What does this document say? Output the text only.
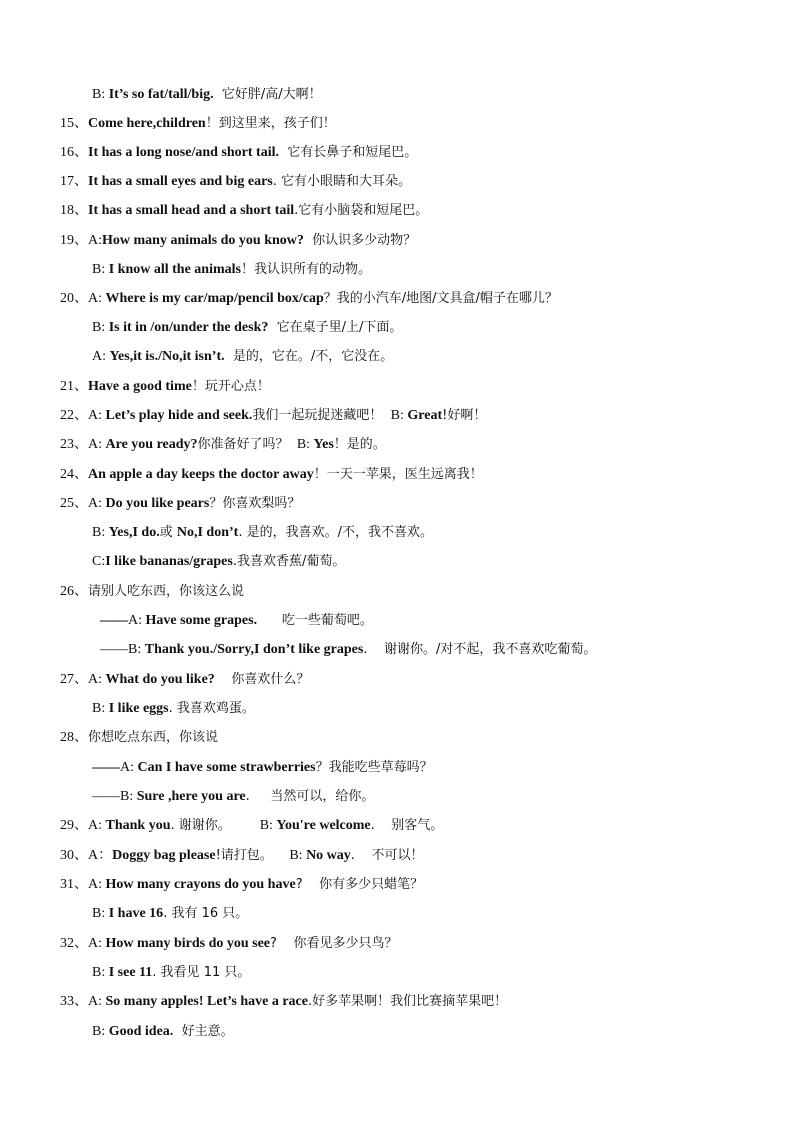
B: It’s so fat/tall/big.  它好胖/高/大啊！
15、Come here,children！到这里来，孩子们！
16、It has a long nose/and short tail.  它有长鼻子和短尾巴。
17、It has a small eyes and big ears. 它有小眼睛和大耳朵。
18、It has a small head and a short tail.它有小脑袋和短尾巴。
19、A:How many animals do you know?  你认识多少动物？
B: I know all the animals！我认识所有的动物。
20、A: Where is my car/map/pencil box/cap？我的小汽车/地图/文具盒/帽子在哪儿？
B: Is it in /on/under the desk?  它在桌子里/上/下面。
A: Yes,it is./No,it isn’t.  是的，它在。/不，它没在。
21、Have a good time！玩开心点！
22、A: Let’s play hide and seek.我们一起玩捉迷藏吧！  B: Great!好啊！
23、A: Are you ready?你准备好了吗？  B: Yes！是的。
24、An apple a day keeps the doctor away！一天一苹果，医生远离我！
25、A: Do you like pears？你喜欢梨吗？
B: Yes,I do.或 No,I don’t. 是的，我喜欢。/不，我不喜欢。
C:I like bananas/grapes.我喜欢香蕉/葡萄。
26、请别人吃东西，你该这么说
——A: Have some grapes.      吃一些葡萄吧。
——B: Thank you./Sorry,I don’t like grapes.    谢谢你。/对不起，我不喜欢吃葡萄。
27、A: What do you like?    你喜欢什么？
B: I like eggs. 我喜欢鸡蛋。
28、你想吃点东西，你该说
——A: Can I have some strawberries？我能吃些草莓吗？
——B: Sure ,here you are.     当然可以，给你。
29、A: Thank you. 谢谢你。       B: You're welcome.    别客气。
30、A：Doggy bag please!请打包。    B: No way.    不可以！
31、A: How many crayons do you have?    你有多少只蜡笔？
B: I have 16. 我有 16 只。
32、A: How many birds do you see?    你看见多少只鸟？
B: I see 11. 我看见 11 只。
33、A: So many apples! Let’s have a race.好多苹果啊！我们比赛摘苹果吧！
B: Good idea.  好主意。
